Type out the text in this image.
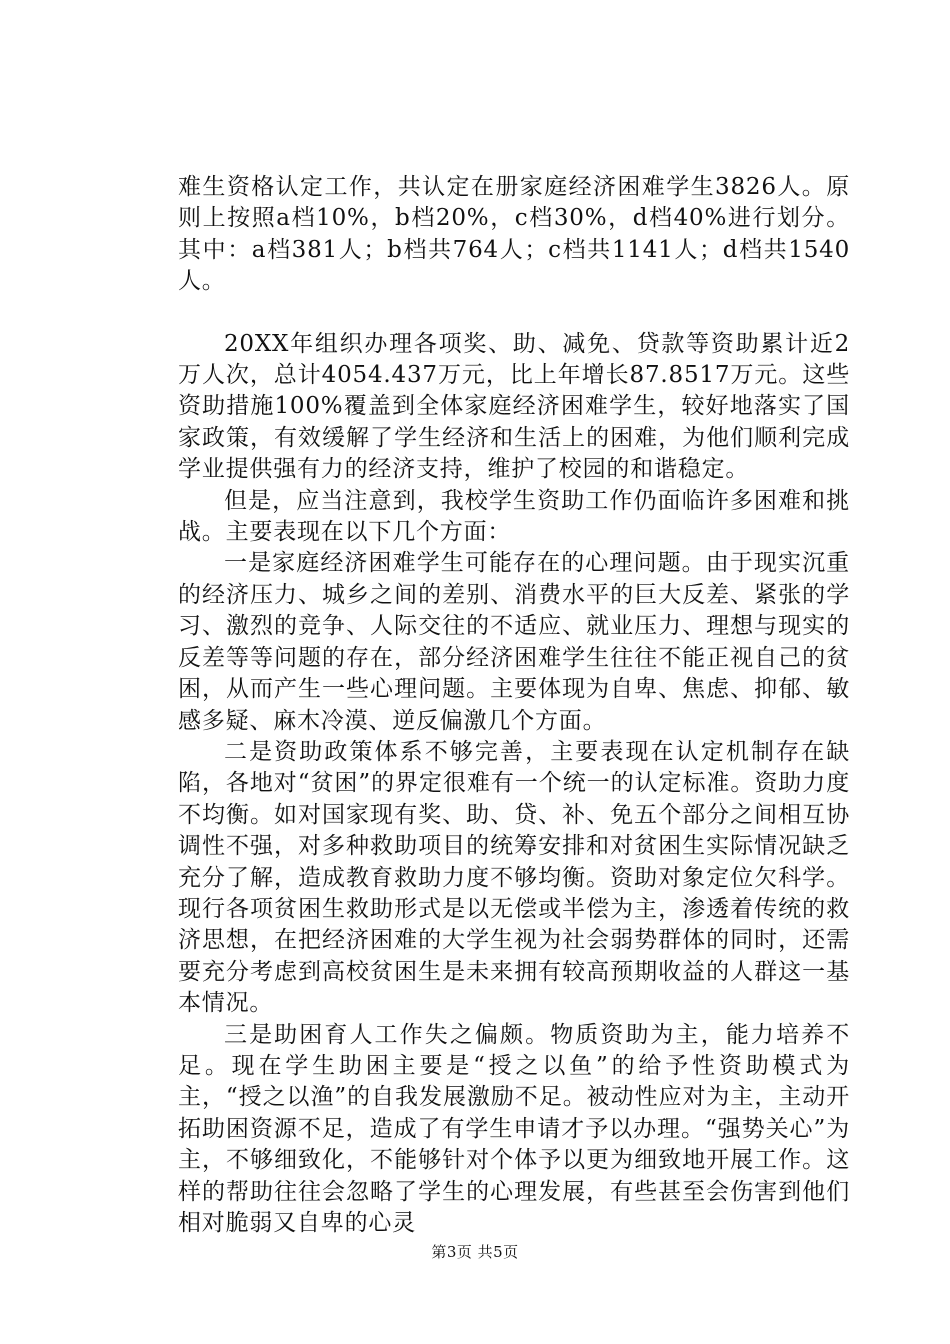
难生资格认定工作，共认定在册家庭经济困难学生3826人。原则上按照a档10%，b档20%，c档30%，d档40%进行划分。其中：a档381人；b档共764人；c档共1141人；d档共1540人。

20XX年组织办理各项奖、助、减免、贷款等资助累计近2万人次，总计4054.437万元，比上年增长87.8517万元。这些资助措施100%覆盖到全体家庭经济困难学生，较好地落实了国家政策，有效缓解了学生经济和生活上的困难，为他们顺利完成学业提供强有力的经济支持，维护了校园的和谐稳定。

但是，应当注意到，我校学生资助工作仍面临许多困难和挑战。主要表现在以下几个方面：

一是家庭经济困难学生可能存在的心理问题。由于现实沉重的经济压力、城乡之间的差别、消费水平的巨大反差、紧张的学习、激烈的竞争、人际交往的不适应、就业压力、理想与现实的反差等等问题的存在，部分经济困难学生往往不能正视自己的贫困，从而产生一些心理问题。主要体现为自卑、焦虑、抑郁、敏感多疑、麻木冷漠、逆反偏激几个方面。

二是资助政策体系不够完善，主要表现在认定机制存在缺陷，各地对“贫困”的界定很难有一个统一的认定标准。资助力度不均衡。如对国家现有奖、助、贷、补、免五个部分之间相互协调性不强，对多种救助项目的统筹安排和对贫困生实际情况缺乏充分了解，造成教育救助力度不够均衡。资助对象定位欠科学。现行各项贫困生救助形式是以无偿或半偿为主，渗透着传统的救济思想，在把经济困难的大学生视为社会弱势群体的同时，还需要充分考虑到高校贫困生是未来拥有较高预期收益的人群这一基本情况。

三是助困育人工作失之偏颇。物质资助为主，能力培养不足。现在学生助困主要是“授之以鱼”的给予性资助模式为主，“授之以渔”的自我发展激励不足。被动性应对为主，主动开拓助困资源不足，造成了有学生申请才予以办理。“强势关心”为主，不够细致化，不能够针对个体予以更为细致地开展工作。这样的帮助往往会忽略了学生的心理发展，有些甚至会伤害到他们相对脆弱又自卑的心灵

第3页 共5页
